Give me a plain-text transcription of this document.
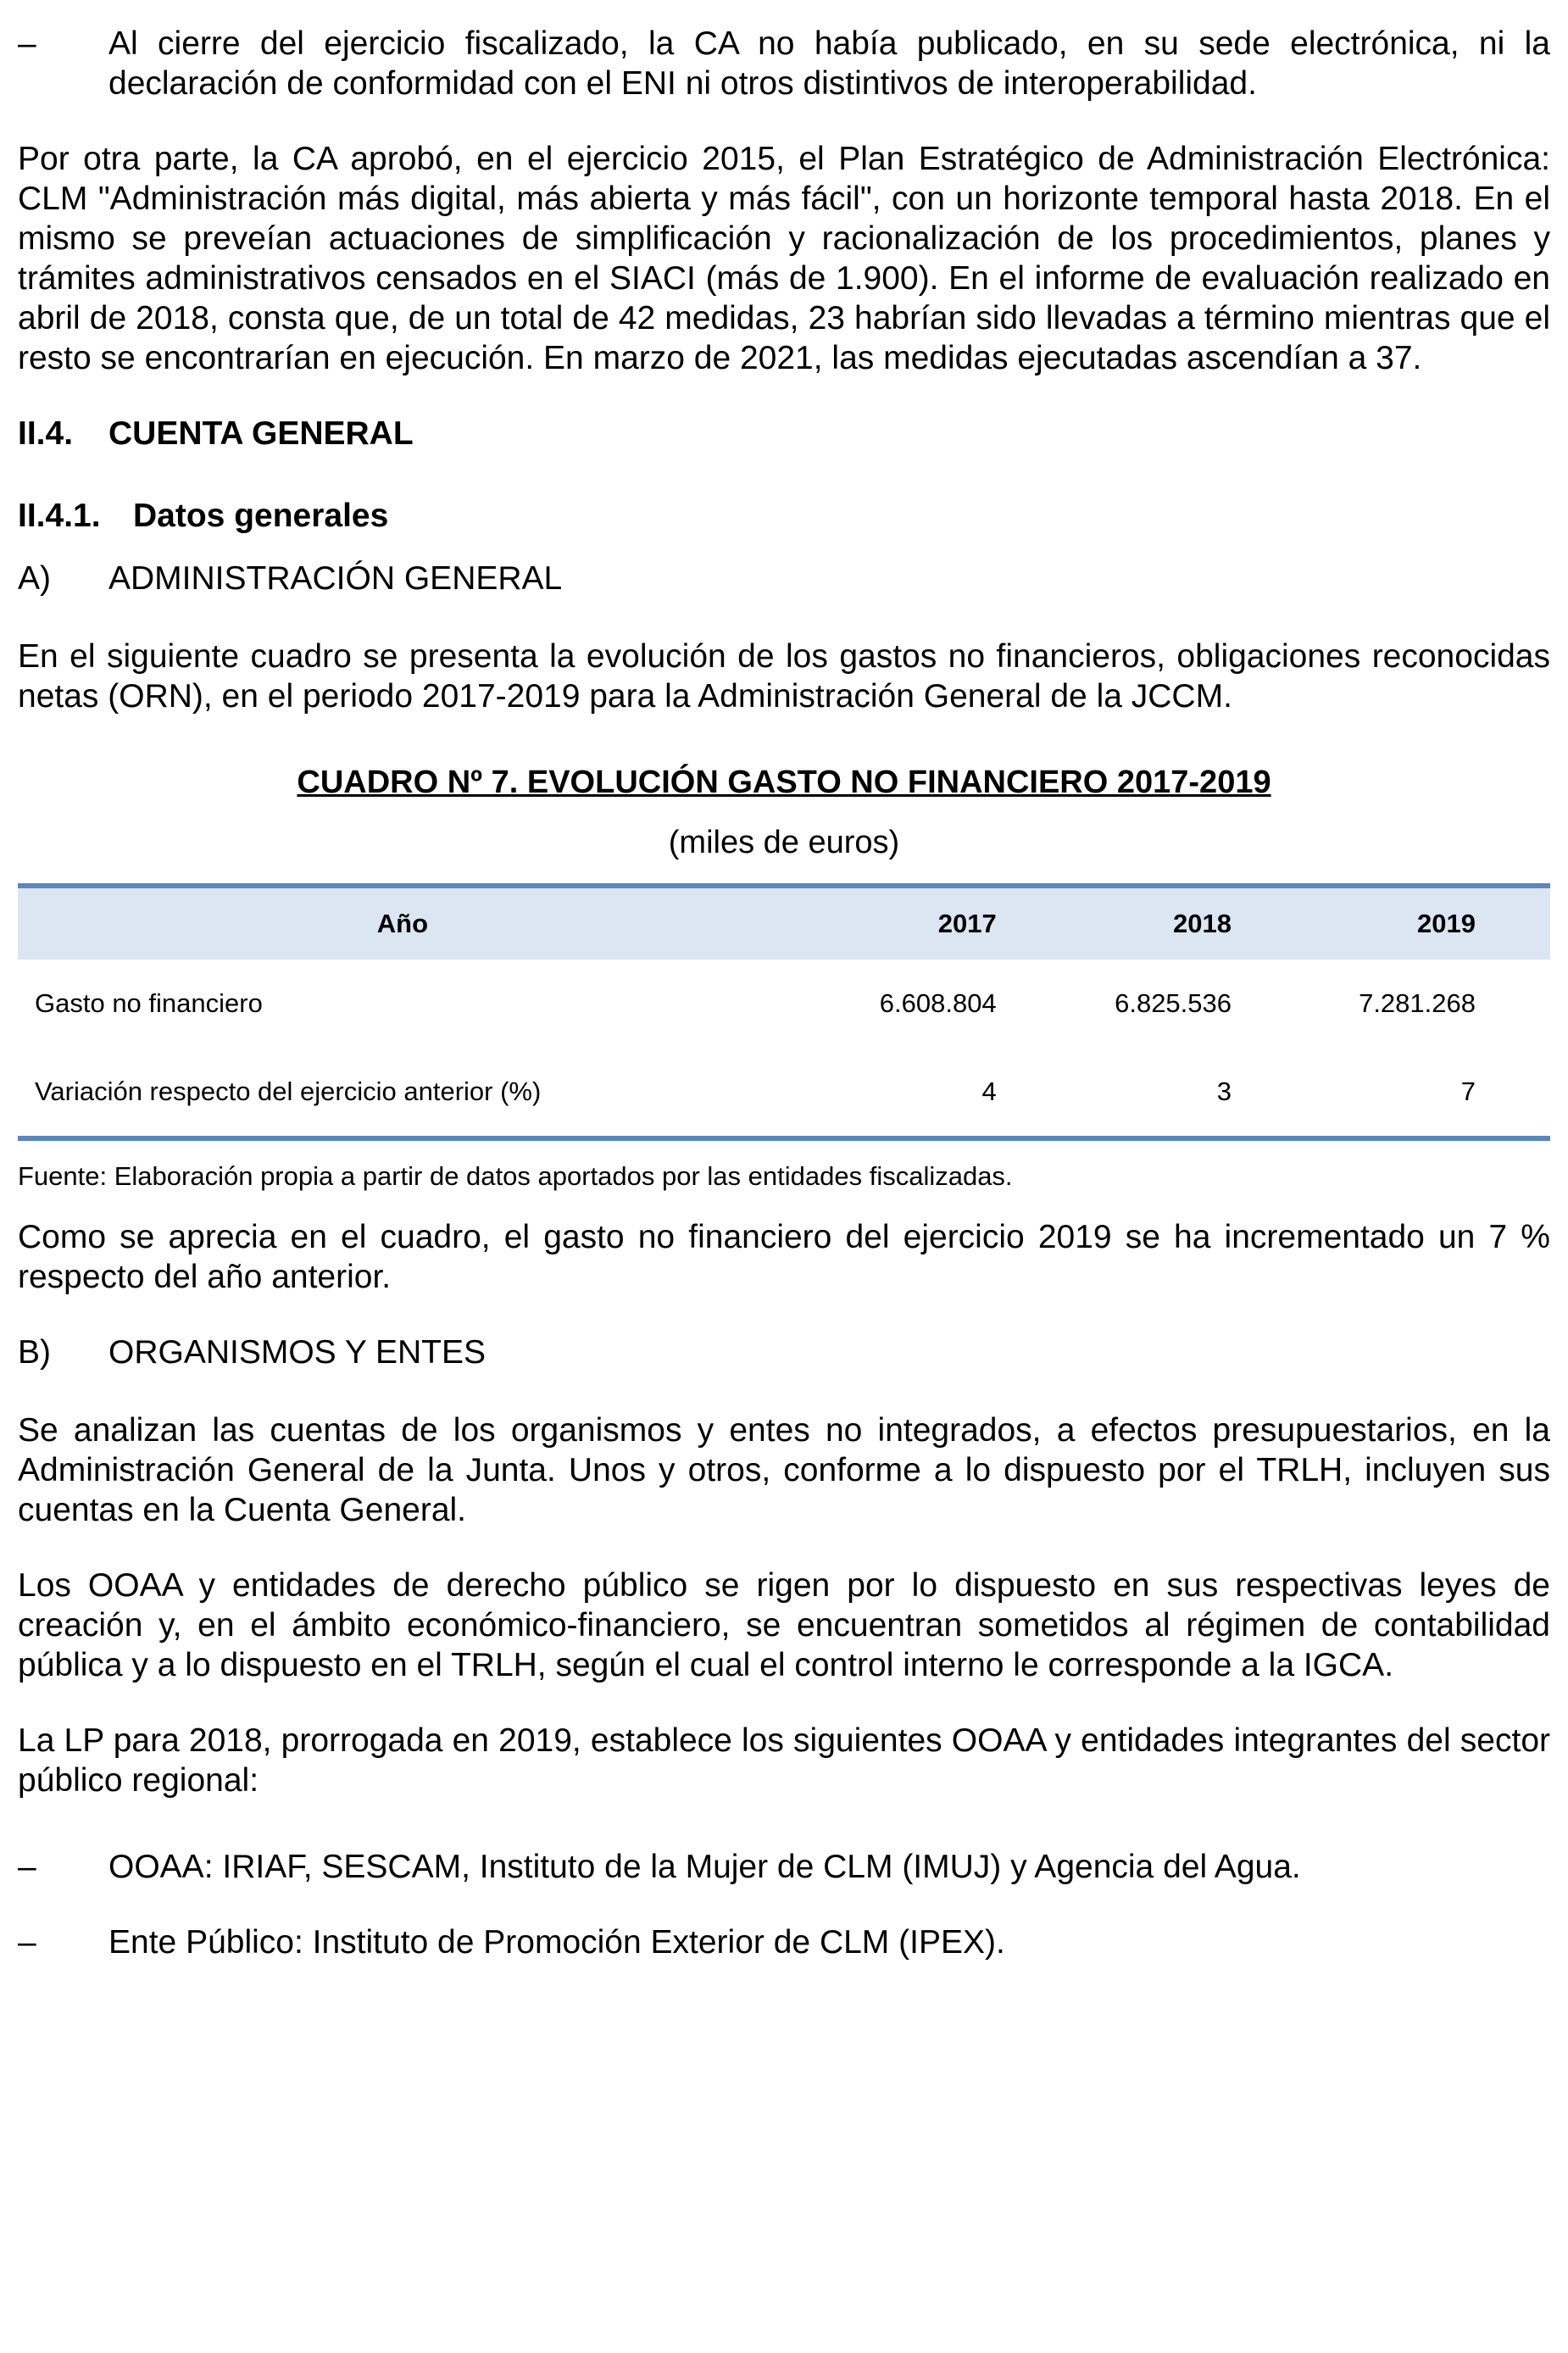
–	Al cierre del ejercicio fiscalizado, la CA no había publicado, en su sede electrónica, ni la declaración de conformidad con el ENI ni otros distintivos de interoperabilidad.

Por otra parte, la CA aprobó, en el ejercicio 2015, el Plan Estratégico de Administración Electrónica: CLM "Administración más digital, más abierta y más fácil", con un horizonte temporal hasta 2018. En el mismo se preveían actuaciones de simplificación y racionalización de los procedimientos, planes y trámites administrativos censados en el SIACI (más de 1.900). En el informe de evaluación realizado en abril de 2018, consta que, de un total de 42 medidas, 23 habrían sido llevadas a término mientras que el resto se encontrarían en ejecución. En marzo de 2021, las medidas ejecutadas ascendían a 37.

II.4.	CUENTA GENERAL
II.4.1. Datos generales
A)	ADMINISTRACIÓN GENERAL

En el siguiente cuadro se presenta la evolución de los gastos no financieros, obligaciones reconocidas netas (ORN), en el periodo 2017-2019 para la Administración General de la JCCM.

CUADRO Nº 7. EVOLUCIÓN GASTO NO FINANCIERO 2017-2019

(miles de euros)

Año	2017	2018	2019
Gasto no financiero	6.608.804	6.825.536	7.281.268
Variación respecto del ejercicio anterior (%)	4	3	7

Fuente: Elaboración propia a partir de datos aportados por las entidades fiscalizadas.

Como se aprecia en el cuadro, el gasto no financiero del ejercicio 2019 se ha incrementado un 7 % respecto del año anterior.

B)	ORGANISMOS Y ENTES

Se analizan las cuentas de los organismos y entes no integrados, a efectos presupuestarios, en la Administración General de la Junta. Unos y otros, conforme a lo dispuesto por el TRLH, incluyen sus cuentas en la Cuenta General.

Los OOAA y entidades de derecho público se rigen por lo dispuesto en sus respectivas leyes de creación y, en el ámbito económico-financiero, se encuentran sometidos al régimen de contabilidad pública y a lo dispuesto en el TRLH, según el cual el control interno le corresponde a la IGCA.

La LP para 2018, prorrogada en 2019, establece los siguientes OOAA y entidades integrantes del sector público regional:

–	OOAA: IRIAF, SESCAM, Instituto de la Mujer de CLM (IMUJ) y Agencia del Agua.
–	Ente Público: Instituto de Promoción Exterior de CLM (IPEX).
